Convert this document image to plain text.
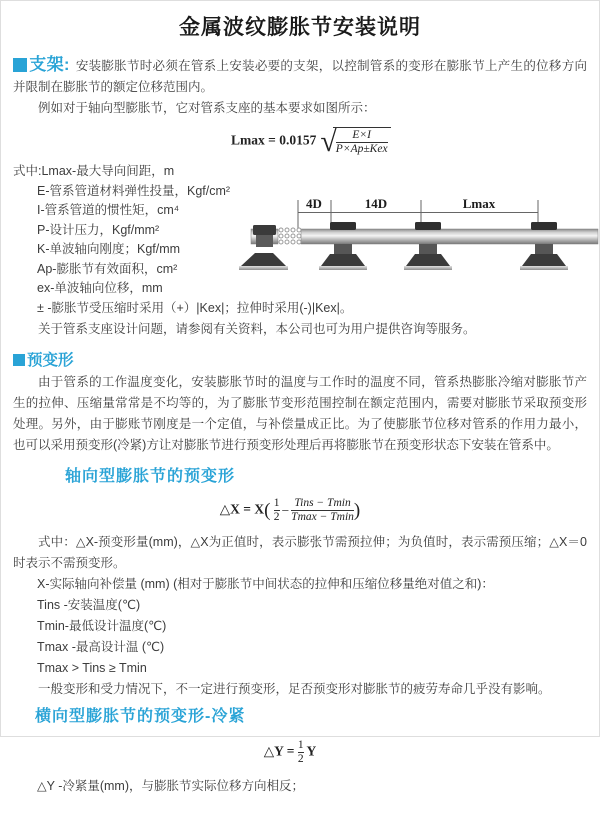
金属波纹膨胀节安装说明

支架: 安装膨胀节时必须在管系上安装必要的支架，以控制管系的变形在膨胀节上产生的位移方向并限制在膨胀节的额定位移范围内。

例如对于轴向型膨胀节，它对管系支座的基本要求如图所示：

Lmax = 0.0157 √ $\frac{E\times I}{\text{P×Ap±Kex}}$
式中:Lmax-最大导向间距，m
E-管系管道材料弹性投量，Kgf/cm²
I-管系管道的惯性矩，cm⁴
P-设计压力，Kgf/mm²
K-单波轴向刚度；Kgf/mm
Ap-膨胀节有效面积，cm²
ex-单波轴向位移，mm
± -膨胀节受压缩时采用（+）|Kex|；拉伸时采用(-)|Kex|。

关于管系支座设计问题，请参阅有关资料，本公司也可为用户提供咨询等服务。

预变形

由于管系的工作温度变化，安装膨胀节时的温度与工作时的温度不同，管系热膨胀冷缩对膨胀节产生的拉伸、压缩量常常是不均等的，为了膨胀节变形范围控制在额定范围内，需要对膨胀节采取预变形处理。另外，由于膨账节刚度是一个定值，与补偿量成正比。为了使膨胀节位移对管系的作用力最小，也可以采用预变形(冷紧)方让对膨胀节进行预变形处理后再将膨胀节在预变形状态下安装在管系中。

轴向型膨胀节的预变形
△X = $X( \frac{1}{2} - \frac{\text{Tins − Tmin}}{Tmax - Tmin}$ )

式中：△X-预变形量(mm)，△X为正值时，表示膨张节需预拉伸；为负值时，表示需预压缩；△X＝0时表示不需预变形。

X-实际轴向补偿量 (mm) (相对于膨胀节中间状态的拉伸和压缩位移量绝对值之和)：
Tins -安装温度(℃)
Tmin-最低设计温度(℃)
Tmax -最高设计温 (℃)
Tmax > Tins ≥ Tmin

一般变形和受力情况下，不一定进行预变形，足否预变形对膨胀节的疲劳寿命几乎没有影响。

横向型膨胀节的预变形-冷紧
△Y = $\frac{1}{2}$ Y

△Y -冷紧量(mm)，与膨胀节实际位移方向相反；

4D	14D	Lmax
